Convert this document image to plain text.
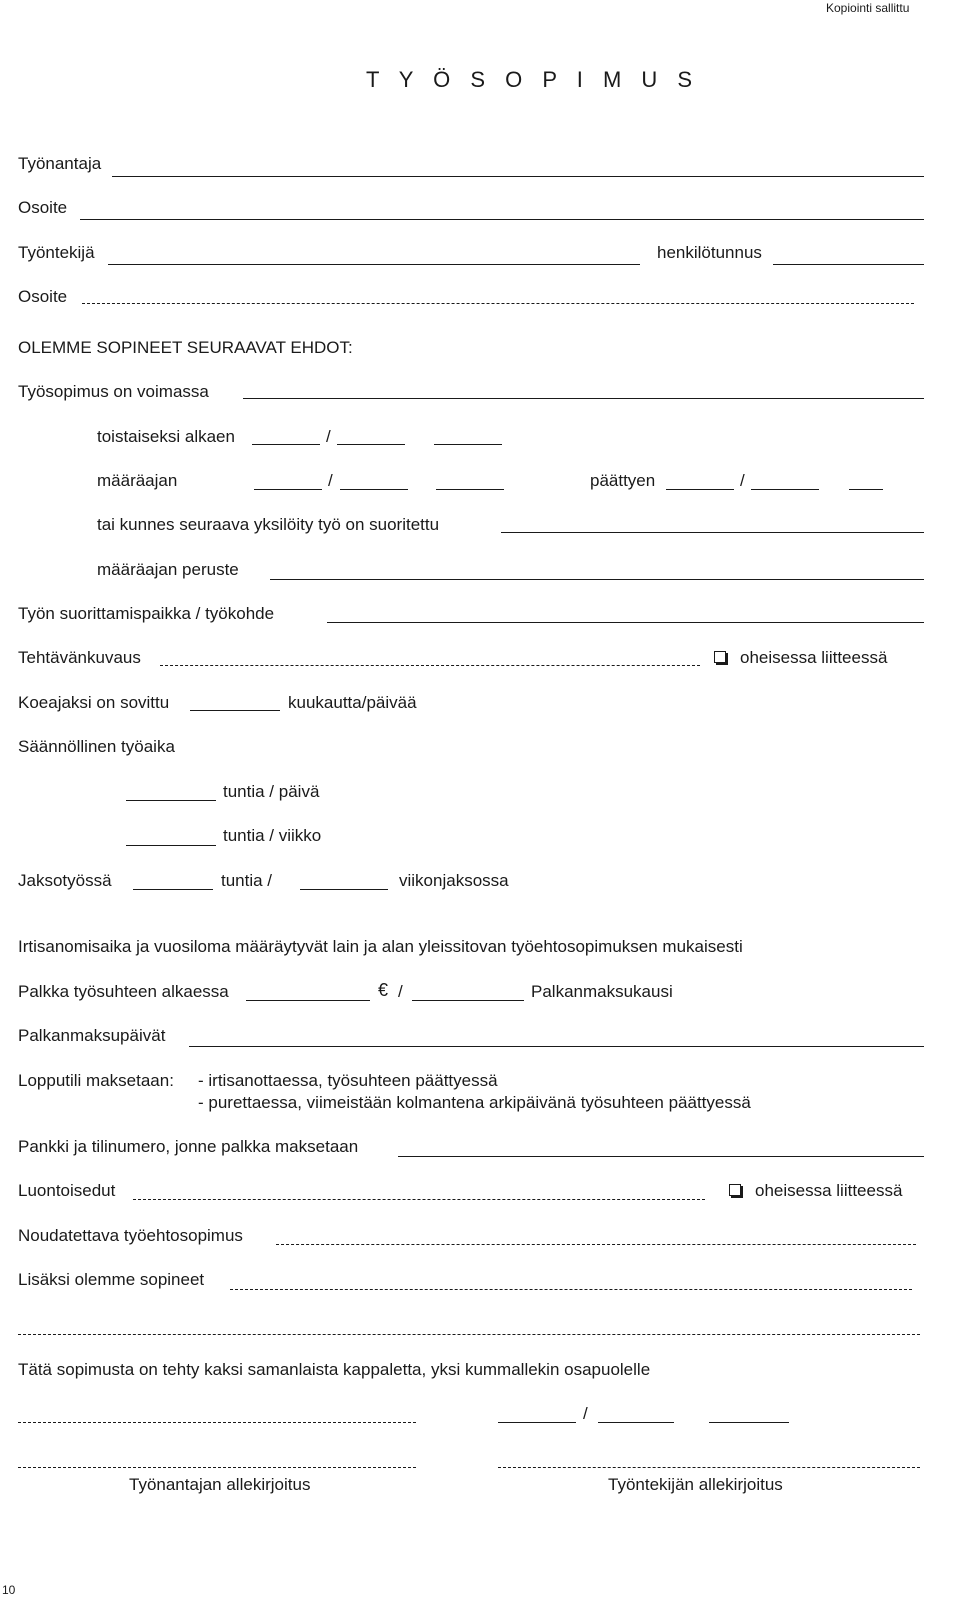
Kopiointi sallittu
T Y Ö S O P I M U S
Työnantaja
Osoite
Työntekijä	henkilötunnus
Osoite
OLEMME SOPINEET SEURAAVAT EHDOT:
Työsopimus on voimassa
toistaiseksi alkaen	/
määräajan	/	päättyen	/
tai kunnes seuraava yksilöity työ on suoritettu
määräajan peruste
Työn suorittamispaikka / työkohde
Tehtävänkuvaus	oheisessa liitteessä
Koeajaksi on sovittu	kuukautta/päivää
Säännöllinen työaika
tuntia / päivä
tuntia / viikko
Jaksotyössä	tuntia /	viikonjaksossa
Irtisanomisaika ja vuosiloma määräytyvät lain ja alan yleissitovan työehtosopimuksen mukaisesti
Palkka työsuhteen alkaessa	€ /	Palkanmaksukausi
Palkanmaksupäivät
Lopputili maksetaan: - irtisanottaessa, työsuhteen päättyessä
- purettaessa, viimeistään kolmantena arkipäivänä työsuhteen päättyessä
Pankki ja tilinumero, jonne palkka maksetaan
Luontoisedut	oheisessa liitteessä
Noudatettava työehtosopimus
Lisäksi olemme sopineet
Tätä sopimusta on tehty kaksi samanlaista kappaletta, yksi kummallekin osapuolelle
/
Työnantajan allekirjoitus	Työntekijän allekirjoitus
10
